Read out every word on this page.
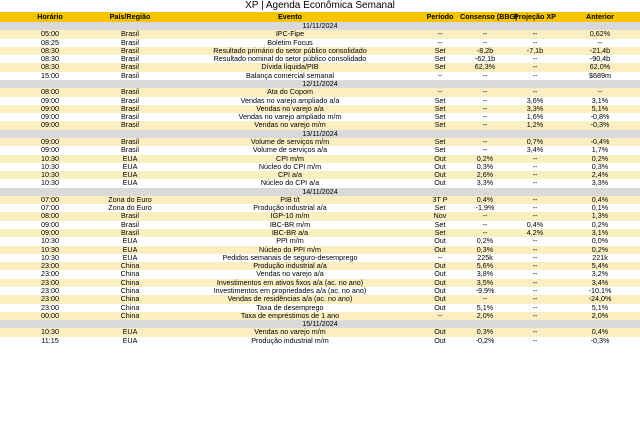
XP | Agenda Econômica Semanal
Horário	País/Região	Evento	Período	Consenso (BBG)	Projeção XP	Anterior
11/11/2024						
05:00	Brasil	IPC-Fipe	--	--	--	0,62%
08:25	Brasil	Boletim Focus	--	--	--	--
08:30	Brasil	Resultado primário do setor público consolidado	Set	-8,2b	-7,1b	-21,4b
08:30	Brasil	Resultado nominal do setor público consolidado	Set	-62,1b	--	-90,4b
08:30	Brasil	Dívida líquida/PIB	Set	62,3%	--	62,0%
15:00	Brasil	Balança comercial semanal	--	--	--	$689m
12/11/2024						
08:00	Brasil	Ata do Copom	--	--	--	--
09:00	Brasil	Vendas no varejo ampliado a/a	Set	--	3,6%	3,1%
09:00	Brasil	Vendas no varejo a/a	Set	--	3,3%	5,1%
09:00	Brasil	Vendas no varejo ampliado m/m	Set	--	1,6%	-0,8%
09:00	Brasil	Vendas no varejo m/m	Set	--	1,2%	-0,3%
13/11/2024						
09:00	Brasil	Volume de serviços m/m	Set	--	0,7%	-0,4%
09:00	Brasil	Volume de serviços a/a	Set	--	3,4%	1,7%
10:30	EUA	CPI m/m	Out	0,2%	--	0,2%
10:30	EUA	Núcleo do CPI m/m	Out	0,3%	--	0,3%
10:30	EUA	CPI a/a	Out	2,6%	--	2,4%
10:30	EUA	Núcleo do CPI a/a	Out	3,3%	--	3,3%
14/11/2024						
07:00	Zona do Euro	PIB t/t	3T P	0,4%	--	0,4%
07:00	Zona do Euro	Produção industrial a/a	Set	-1,9%	--	0,1%
08:00	Brasil	IGP-10 m/m	Nov	--	--	1,3%
09:00	Brasil	IBC-BR m/m	Set	--	0,4%	0,2%
09:00	Brasil	IBC-BR a/a	Set	--	4,2%	3,1%
10:30	EUA	PPI m/m	Out	0,2%	--	0,0%
10:30	EUA	Núcleo do PPI m/m	Out	0,3%	--	0,2%
10:30	EUA	Pedidos semanais de seguro-desemprego	--	225k	--	221k
23:00	China	Produção industrial a/a	Out	5,6%	--	5,4%
23:00	China	Vendas no varejo a/a	Out	3,8%	--	3,2%
23:00	China	Investimentos em ativos fixos a/a (ac. no ano)	Out	3,5%	--	3,4%
23:00	China	Investimentos em propriedades a/a (ac. no ano)	Out	-9,9%	--	-10,1%
23:00	China	Vendas de residências a/a (ac. no ano)	Out	--	--	-24,0%
23:00	China	Taxa de desemprego	Out	5,1%	--	5,1%
00:00	China	Taxa de empréstimos de 1 ano	--	2,0%	--	2,0%
15/11/2024						
10:30	EUA	Vendas no varejo m/m	Out	0,3%	--	0,4%
11:15	EUA	Produção industrial m/m	Out	-0,2%	--	-0,3%
